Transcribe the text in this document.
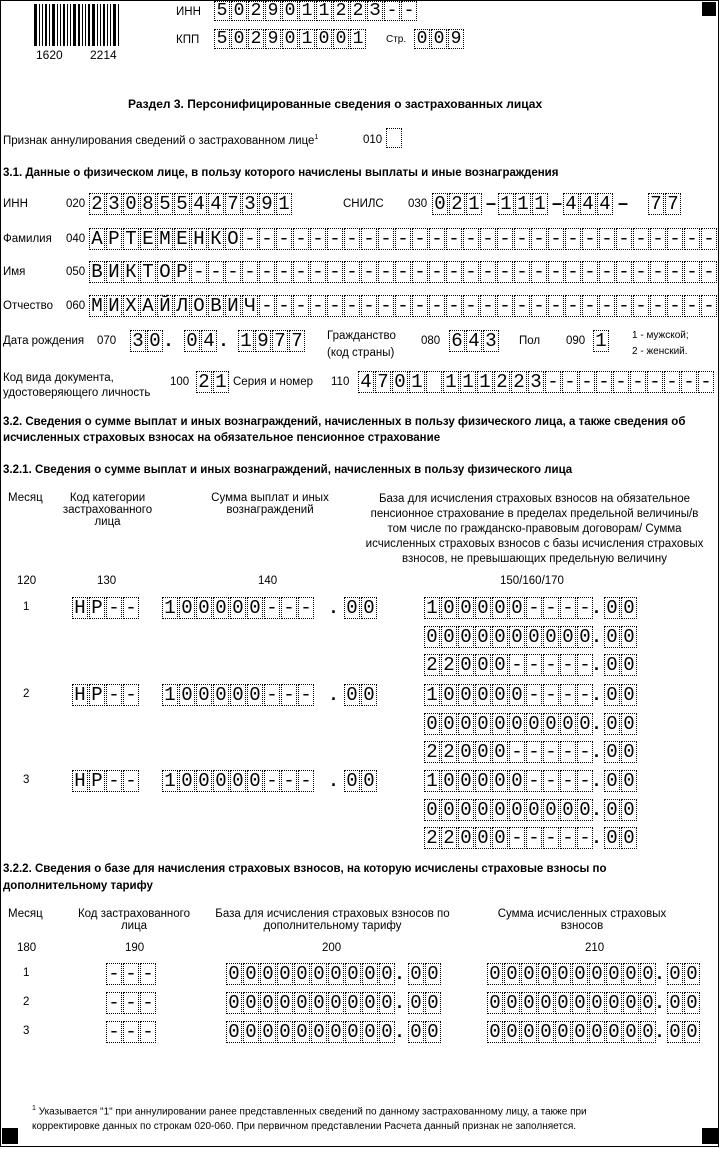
1620 2214
ИНН 5 0 2 9 0 1 1 2 2 З - -
КПП 5 0 2 9 0 1 0 0 1 Стр. 0 0 9
Раздел 3. Персонифицированные сведения о застрахованных лицах
Признак аннулирования сведений о застрахованном лице$^1$	010
3.1. Данные о физическом лице, в пользу которого начислены выплаты и иные вознаграждения
ИНН	020 2 3 0 8 5 5 4 4 7 3 9 1	СНИЛС 030 0 2 1 – 1 1 1 – 4 4 4 – 7 7
Фамилия 040 А Р Т Е М Е Н К О - - - - - - - - - - - - - - - - - - - - - - - - - - - -
Имя	050 В И К Т О Р - - - - - - - - - - - - - - - - - - - - - - - - - - - - - - -
Отчество 060 М И Х А Й Л О В И Ч - - - - - - - - - - - - - - - - - - - - - - - - - - -
Дата рождения 070 3 0 . 0 4 . 1 9 7 7 Гражданство
(код страны)
080 6 4 3 Пол 090 1	1 - мужской;
2 - женский.
Код вида документа,
удостоверяющего личность
100 2 1 Серия и номер 110 4 7 0 1 1 1 1 2 2 3 - - - - - - - - - -
3.2. Сведения о сумме выплат и иных вознаграждений, начисленных в пользу физического лица, а также сведения об
исчисленных страховых взносах на обязательное пенсионное страхование
3.2.1. Сведения о сумме выплат и иных вознаграждений, начисленных в пользу физического лица
Месяц	Код категории застрахованного лица
Сумма выплат и иных вознаграждений
База для исчисления страховых взносов на обязательное пенсионное страхование в пределах предельной величины/в том числе по гражданско-правовым договорам/ Сумма исчисленных страховых взносов с базы исчисления страховых взносов, не превышающих предельную величину
120	130	140	150/160/170
1 Н Р - - 1 0 0 0 0 0 - - - . 0 0	1 0 0 0 0 0 - - - - . 0 0
0 0 0 0 0 0 0 0 0 0 . 0 0
2 2 0 0 0 - - - - - . 0 0
2 Н Р - - 1 0 0 0 0 0 - - - . 0 0	1 0 0 0 0 0 - - - - . 0 0
0 0 0 0 0 0 0 0 0 0 . 0 0
2 2 0 0 0 - - - - - . 0 0
3 Н Р - - 1 0 0 0 0 0 - - - . 0 0	1 0 0 0 0 0 - - - - . 0 0
0 0 0 0 0 0 0 0 0 0 . 0 0
2 2 0 0 0 - - - - - . 0 0
3.2.2. Сведения о базе для начисления страховых взносов, на которую исчислены страховые взносы по
дополнительному тарифу
Месяц	Код застрахованного лица
База для исчисления страховых взносов по дополнительному тарифу
Сумма исчисленных страховых взносов
180	190	200	210
1	- - -	0 0 0 0 0 0 0 0 0 0 . 0 0	0 0 0 0 0 0 0 0 0 0 . 0 0
2	- - -	0 0 0 0 0 0 0 0 0 0 . 0 0	0 0 0 0 0 0 0 0 0 0 . 0 0
3	- - -	0 0 0 0 0 0 0 0 0 0 . 0 0	0 0 0 0 0 0 0 0 0 0 . 0 0
$^1$ Указывается "1" при аннулировании ранее представленных сведений по данному застрахованному лицу, а также при
корректировке данных по строкам 020-060. При первичном представлении Расчета данный признак не заполняется.
